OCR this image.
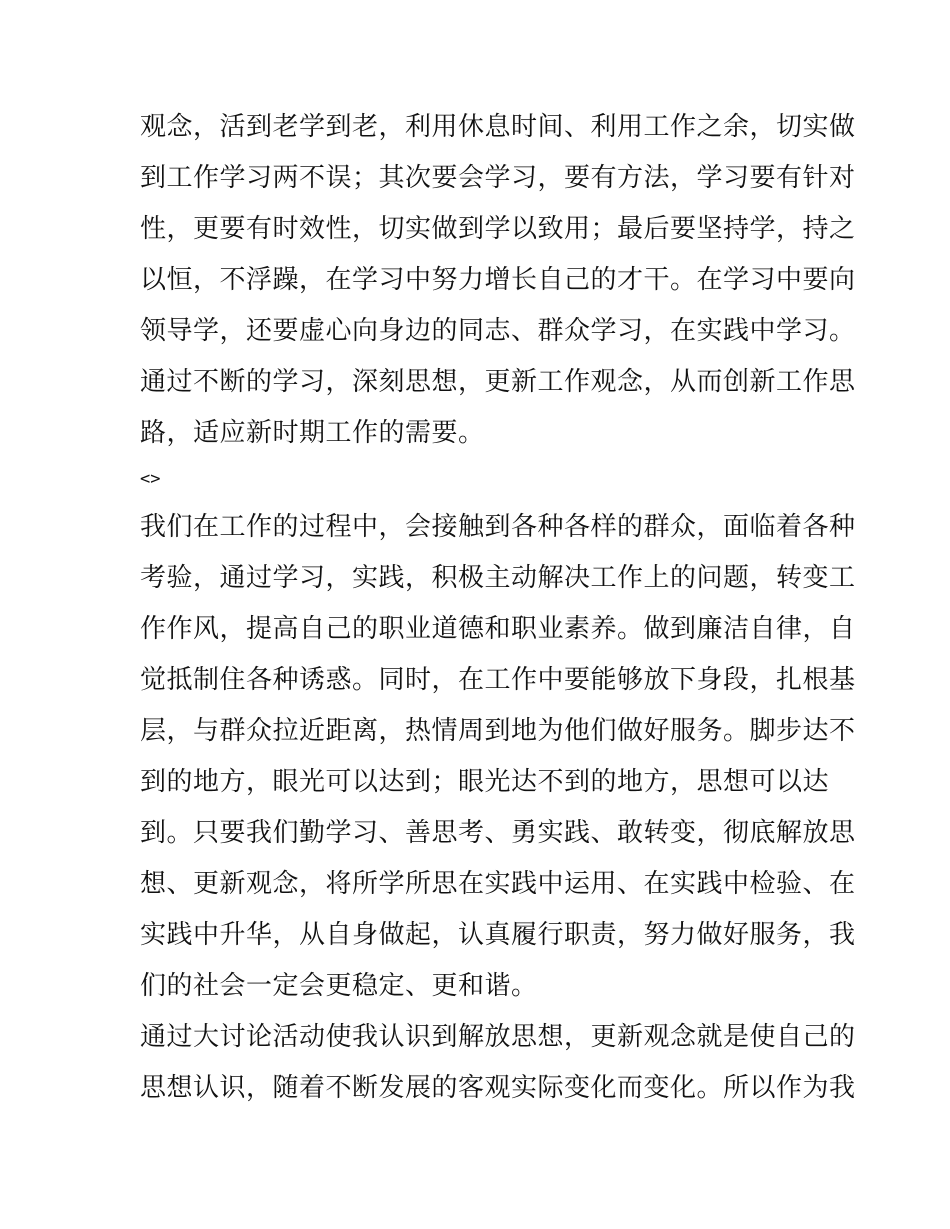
观念，活到老学到老，利用休息时间、利用工作之余，切实做
到工作学习两不误；其次要会学习，要有方法，学习要有针对
性，更要有时效性，切实做到学以致用；最后要坚持学，持之
以恒，不浮躁，在学习中努力增长自己的才干。在学习中要向
领导学，还要虚心向身边的同志、群众学习，在实践中学习。
通过不断的学习，深刻思想，更新工作观念，从而创新工作思
路，适应新时期工作的需要。
<>
我们在工作的过程中，会接触到各种各样的群众，面临着各种
考验，通过学习，实践，积极主动解决工作上的问题，转变工
作作风，提高自己的职业道德和职业素养。做到廉洁自律，自
觉抵制住各种诱惑。同时，在工作中要能够放下身段，扎根基
层，与群众拉近距离，热情周到地为他们做好服务。脚步达不
到的地方，眼光可以达到；眼光达不到的地方，思想可以达
到。只要我们勤学习、善思考、勇实践、敢转变，彻底解放思
想、更新观念，将所学所思在实践中运用、在实践中检验、在
实践中升华，从自身做起，认真履行职责，努力做好服务，我
们的社会一定会更稳定、更和谐。
通过大讨论活动使我认识到解放思想，更新观念就是使自己的
思想认识，随着不断发展的客观实际变化而变化。所以作为我
